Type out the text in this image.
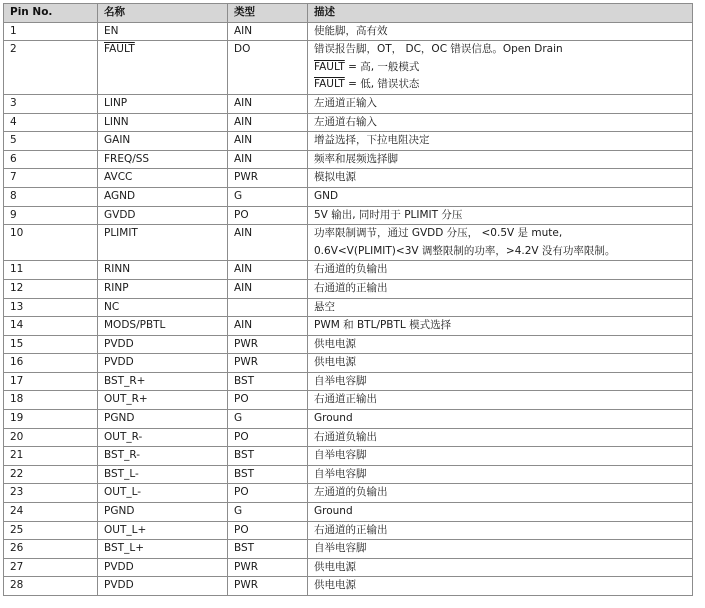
Pin No.	名称	类型	描述
1	EN	AIN	使能脚，高有效

2	FAULT	DO	错误报告脚，OT， DC，OC 错误信息。Open Drain
FAULT = 高, 一般模式
FAULT = 低, 错误状态

3	LINP	AIN	左通道正输入

4	LINN	AIN	左通道右输入

5	GAIN	AIN	增益选择，下拉电阻决定

6	FREQ/SS	AIN	频率和展频选择脚

7	AVCC	PWR	模拟电源

8	AGND	G	GND

9	GVDD	PO	5V 输出, 同时用于 PLIMIT 分压

10	PLIMIT	AIN	功率限制调节，通过 GVDD 分压， <0.5V 是 mute,
0.6V<V(PLIMIT)<3V 调整限制的功率，>4.2V 没有功率限制。

11	RINN	AIN	右通道的负输出

12	RINP	AIN	右通道的正输出

13	NC		悬空

14	MODS/PBTL	AIN	PWM 和 BTL/PBTL 模式选择

15	PVDD	PWR	供电电源

16	PVDD	PWR	供电电源

17	BST_R+	BST	自举电容脚

18	OUT_R+	PO	右通道正输出

19	PGND	G	Ground

20	OUT_R-	PO	右通道负输出

21	BST_R-	BST	自举电容脚

22	BST_L-	BST	自举电容脚

23	OUT_L-	PO	左通道的负输出

24	PGND	G	Ground

25	OUT_L+	PO	右通道的正输出

26	BST_L+	BST	自举电容脚

27	PVDD	PWR	供电电源

28	PVDD	PWR	供电电源
